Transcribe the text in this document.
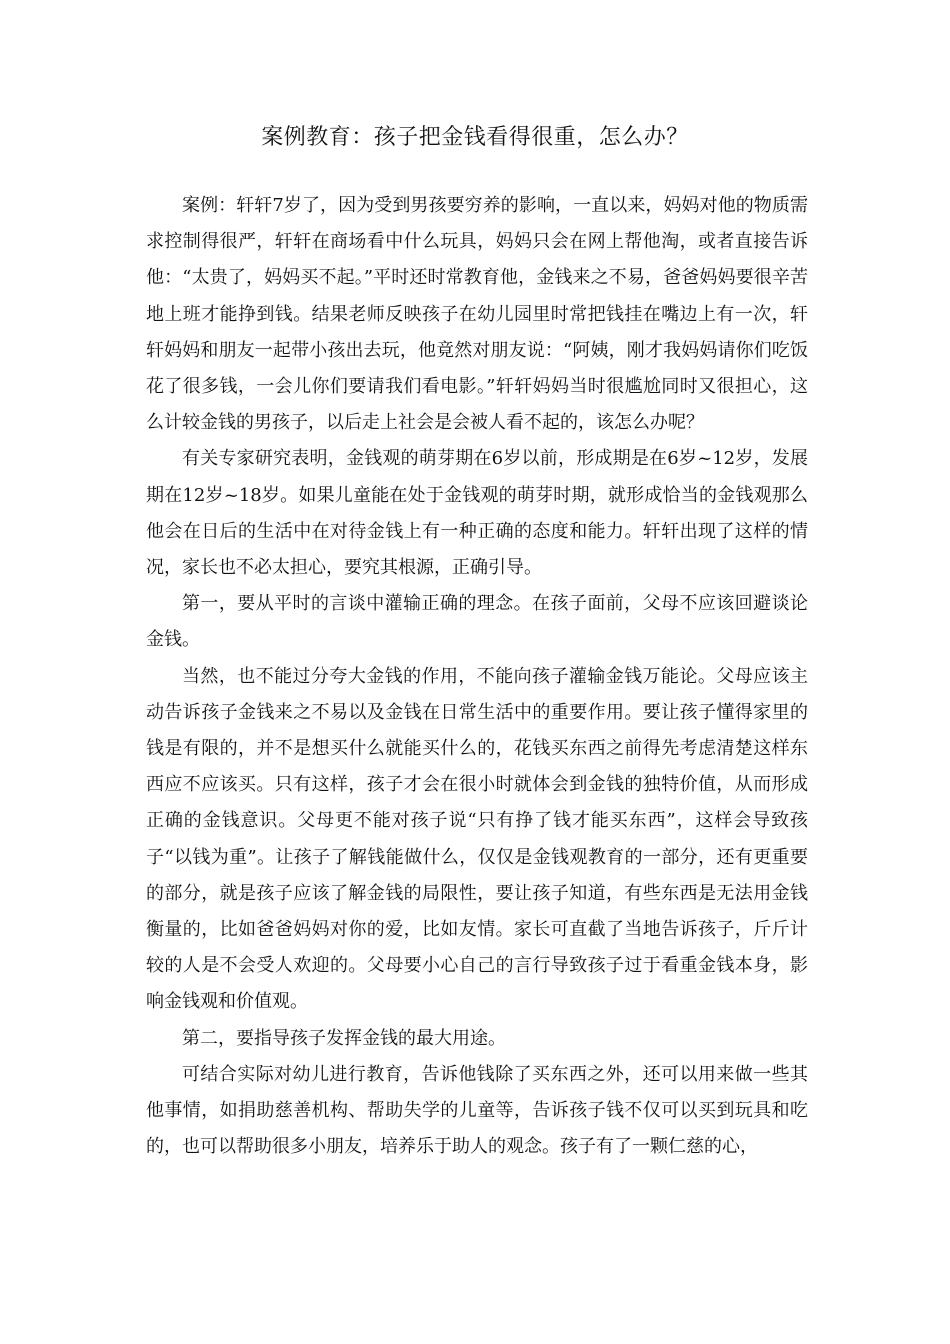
案例教育：孩子把金钱看得很重，怎么办？

案例：轩轩7岁了，因为受到男孩要穷养的影响，一直以来，妈妈对他的物质需求控制得很严，轩轩在商场看中什么玩具，妈妈只会在网上帮他淘，或者直接告诉他：“太贵了，妈妈买不起。”平时还时常教育他，金钱来之不易，爸爸妈妈要很辛苦地上班才能挣到钱。结果老师反映孩子在幼儿园里时常把钱挂在嘴边上有一次，轩轩妈妈和朋友一起带小孩出去玩，他竟然对朋友说：“阿姨，刚才我妈妈请你们吃饭花了很多钱，一会儿你们要请我们看电影。”轩轩妈妈当时很尴尬同时又很担心，这么计较金钱的男孩子，以后走上社会是会被人看不起的，该怎么办呢？

有关专家研究表明，金钱观的萌芽期在6岁以前，形成期是在6岁~12岁，发展期在12岁~18岁。如果儿童能在处于金钱观的萌芽时期，就形成恰当的金钱观那么他会在日后的生活中在对待金钱上有一种正确的态度和能力。轩轩出现了这样的情况，家长也不必太担心，要究其根源，正确引导。

第一，要从平时的言谈中灌输正确的理念。在孩子面前，父母不应该回避谈论金钱。

当然，也不能过分夸大金钱的作用，不能向孩子灌输金钱万能论。父母应该主动告诉孩子金钱来之不易以及金钱在日常生活中的重要作用。要让孩子懂得家里的钱是有限的，并不是想买什么就能买什么的，花钱买东西之前得先考虑清楚这样东西应不应该买。只有这样，孩子才会在很小时就体会到金钱的独特价值，从而形成正确的金钱意识。父母更不能对孩子说“只有挣了钱才能买东西”，这样会导致孩子“以钱为重”。让孩子了解钱能做什么，仅仅是金钱观教育的一部分，还有更重要的部分，就是孩子应该了解金钱的局限性，要让孩子知道，有些东西是无法用金钱衡量的，比如爸爸妈妈对你的爱，比如友情。家长可直截了当地告诉孩子，斤斤计较的人是不会受人欢迎的。父母要小心自己的言行导致孩子过于看重金钱本身，影响金钱观和价值观。

第二，要指导孩子发挥金钱的最大用途。

可结合实际对幼儿进行教育，告诉他钱除了买东西之外，还可以用来做一些其他事情，如捐助慈善机构、帮助失学的儿童等，告诉孩子钱不仅可以买到玩具和吃的，也可以帮助很多小朋友，培养乐于助人的观念。孩子有了一颗仁慈的心，
